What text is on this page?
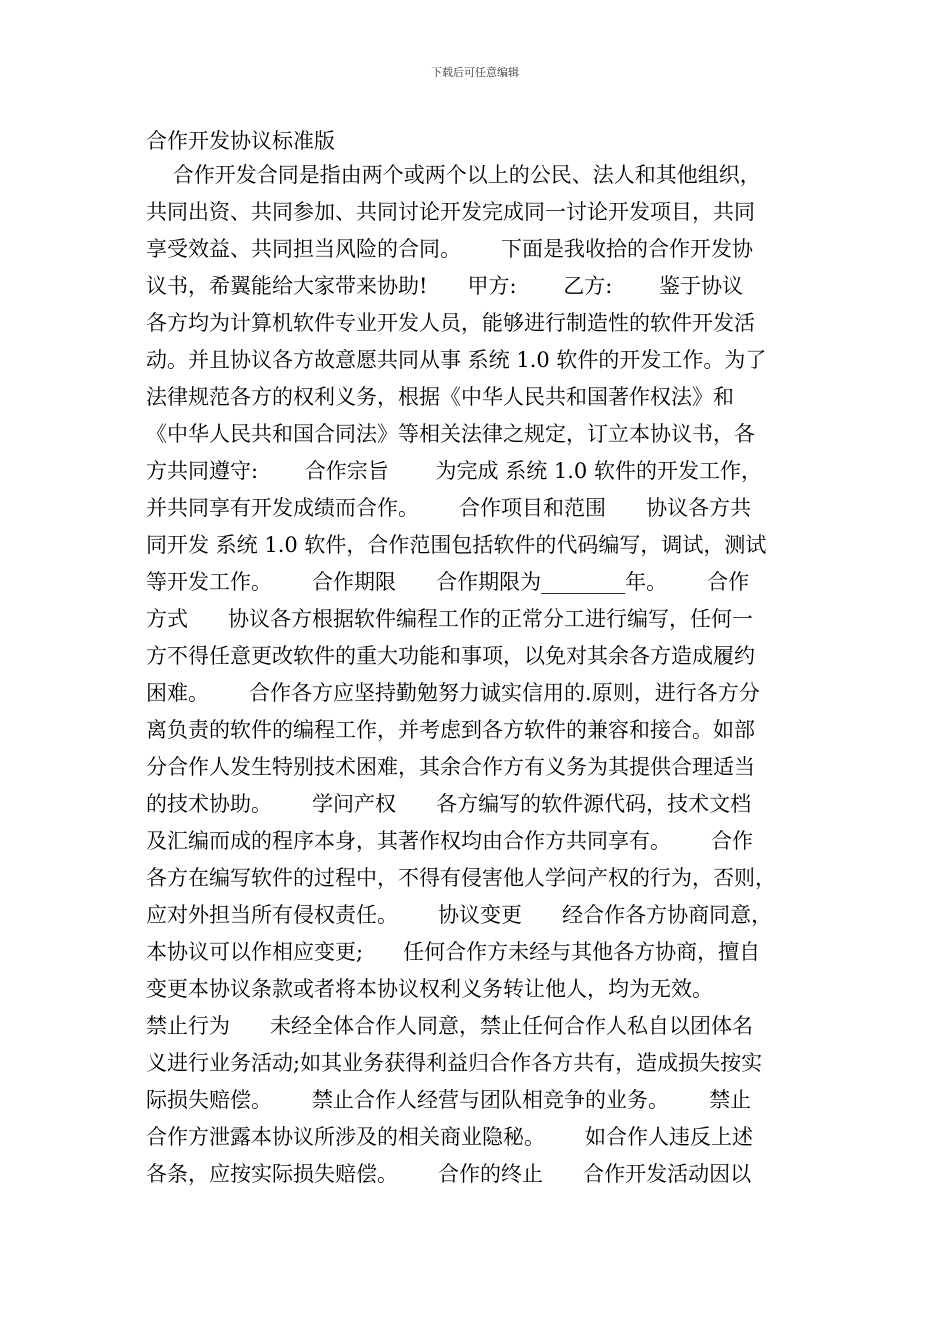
下载后可任意编辑
合作开发协议标准版
合作开发合同是指由两个或两个以上的公民、法人和其他组织，
共同出资、共同参加、共同讨论开发完成同一讨论开发项目，共同
享受效益、共同担当风险的合同。      下面是我收拾的合作开发协
议书，希翼能给大家带来协助!      甲方:       乙方:       鉴于协议
各方均为计算机软件专业开发人员，能够进行制造性的软件开发活
动。并且协议各方故意愿共同从事 系统 1.0 软件的开发工作。为了
法律规范各方的权利义务，根据《中华人民共和国著作权法》和
《中华人民共和国合同法》等相关法律之规定，订立本协议书，各
方共同遵守:       合作宗旨       为完成 系统 1.0 软件的开发工作，
并共同享有开发成绩而合作。      合作项目和范围      协议各方共
同开发 系统 1.0 软件，合作范围包括软件的代码编写，调试，测试
等开发工作。      合作期限      合作期限为________年。      合作
方式      协议各方根据软件编程工作的正常分工进行编写，任何一
方不得任意更改软件的重大功能和事项，以免对其余各方造成履约
困难。      合作各方应坚持勤勉努力诚实信用的.原则，进行各方分
离负责的软件的编程工作，并考虑到各方软件的兼容和接合。如部
分合作人发生特别技术困难，其余合作方有义务为其提供合理适当
的技术协助。      学问产权      各方编写的软件源代码，技术文档
及汇编而成的程序本身，其著作权均由合作方共同享有。      合作
各方在编写软件的过程中，不得有侵害他人学问产权的行为，否则，
应对外担当所有侵权责任。      协议变更      经合作各方协商同意，
本协议可以作相应变更;      任何合作方未经与其他各方协商，擅自
变更本协议条款或者将本协议权利义务转让他人，均为无效。
禁止行为      未经全体合作人同意，禁止任何合作人私自以团体名
义进行业务活动;如其业务获得利益归合作各方共有，造成损失按实
际损失赔偿。      禁止合作人经营与团队相竞争的业务。      禁止
合作方泄露本协议所涉及的相关商业隐秘。      如合作人违反上述
各条，应按实际损失赔偿。      合作的终止      合作开发活动因以
